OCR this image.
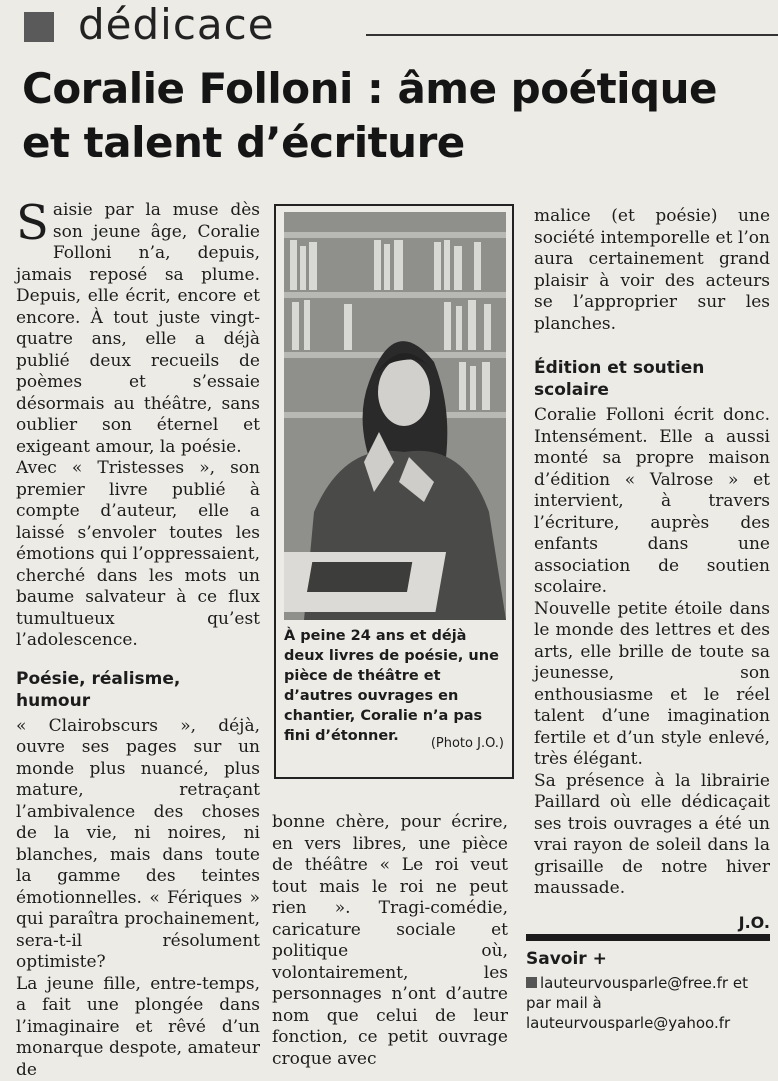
dédicace
Coralie Folloni : âme poétique
et talent d’écriture

Saisie par la muse dès son jeune âge, Coralie Folloni n’a, depuis, jamais reposé sa plume. Depuis, elle écrit, encore et encore. À tout juste vingt-quatre ans, elle a déjà publié deux recueils de poèmes et s’essaie désormais au théâtre, sans oublier son éternel et exigeant amour, la poésie.

Avec « Tristesses », son premier livre publié à compte d’auteur, elle a laissé s’envoler toutes les émotions qui l’oppressaient, cherché dans les mots un baume salvateur à ce flux tumultueux qu’est l’adolescence.

Poésie, réalisme, humour

« Clairobscurs », déjà, ouvre ses pages sur un monde plus nuancé, plus mature, retraçant l’ambivalence des choses de la vie, ni noires, ni blanches, mais dans toute la gamme des teintes émotionnelles. « Fériques » qui paraîtra prochainement, sera-t-il résolument optimiste?

La jeune fille, entre-temps, a fait une plongée dans l’imaginaire et rêvé d’un monarque despote, amateur de

À peine 24 ans et déjà deux livres de poésie, une pièce de théâtre et d’autres ouvrages en chantier, Coralie n’a pas fini d’étonner.	(Photo J.O.)

bonne chère, pour écrire, en vers libres, une pièce de théâtre « Le roi veut tout mais le roi ne peut rien ». Tragi-comédie, caricature sociale et politique où, volontairement, les personnages n’ont d’autre nom que celui de leur fonction, ce petit ouvrage croque avec

malice (et poésie) une société intemporelle et l’on aura certainement grand plaisir à voir des acteurs se l’approprier sur les planches.

Édition et soutien scolaire

Coralie Folloni écrit donc. Intensément. Elle a aussi monté sa propre maison d’édition « Valrose » et intervient, à travers l’écriture, auprès des enfants dans une association de soutien scolaire.

Nouvelle petite étoile dans le monde des lettres et des arts, elle brille de toute sa jeunesse, son enthousiasme et le réel talent d’une imagination fertile et d’un style enlevé, très élégant.

Sa présence à la librairie Paillard où elle dédicaçait ses trois ouvrages a été un vrai rayon de soleil dans la grisaille de notre hiver maussade.

J.O.
Savoir +
lauteurvousparle@free.fr et
par mail à
lauteurvousparle@yahoo.fr
